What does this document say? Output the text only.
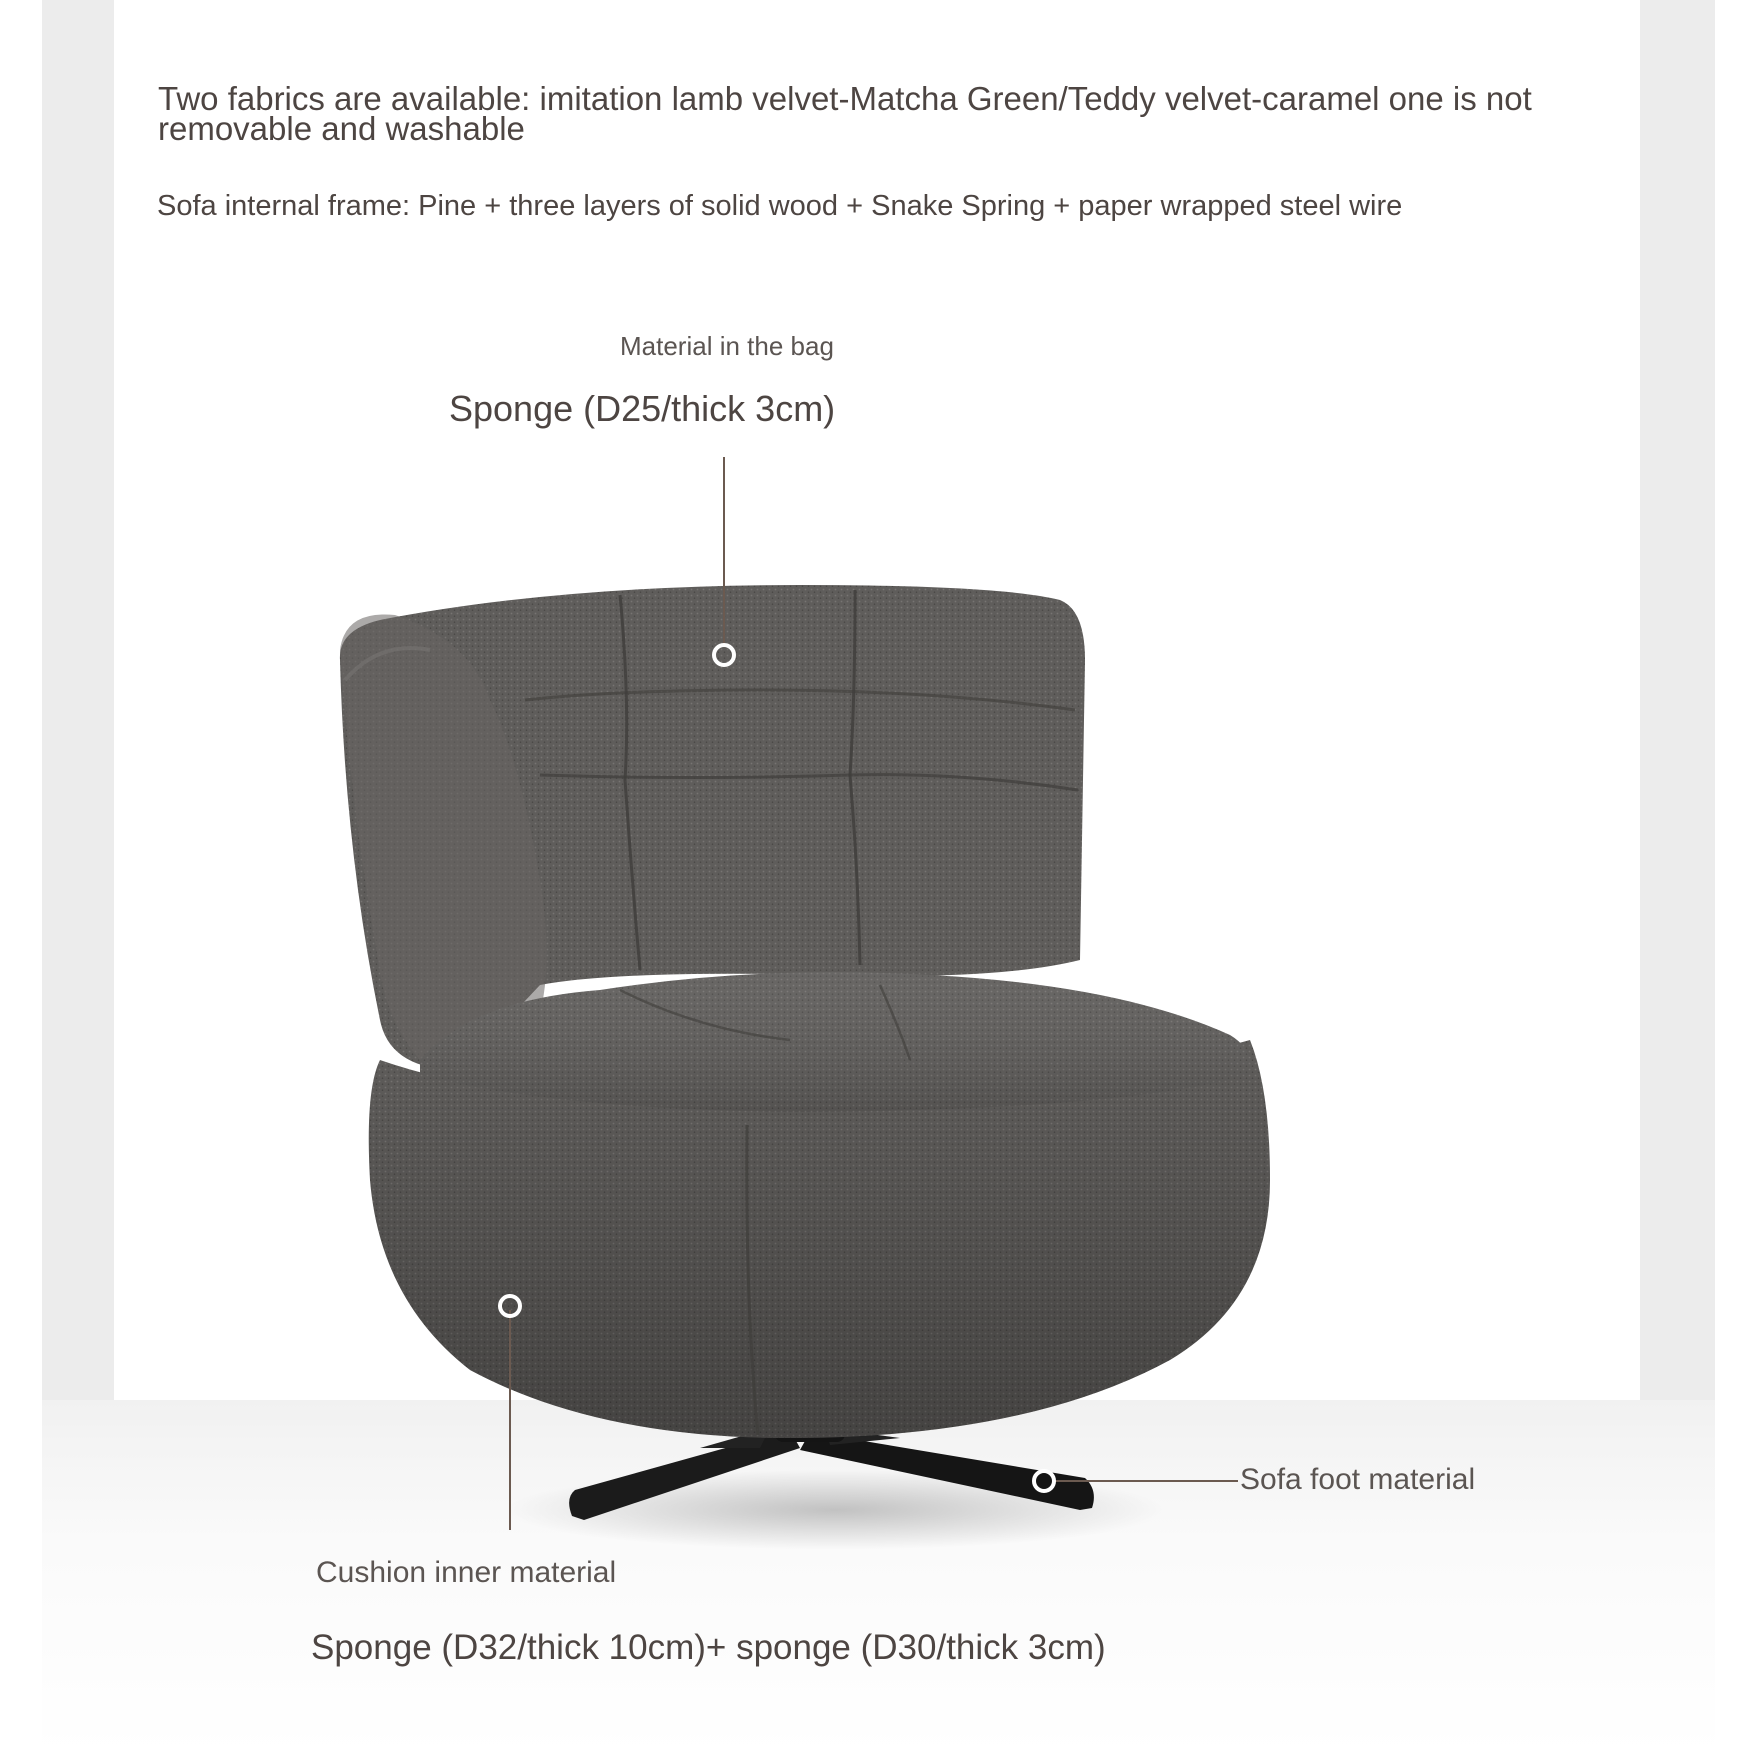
Two fabrics are available: imitation lamb velvet-Matcha Green/Teddy velvet-caramel one is not removable and washable
Sofa internal frame: Pine + three layers of solid wood + Snake Spring + paper wrapped steel wire
Material in the bag
Sponge (D25/thick 3cm)
Sofa foot material
Cushion inner material
Sponge (D32/thick 10cm)+ sponge (D30/thick 3cm)
